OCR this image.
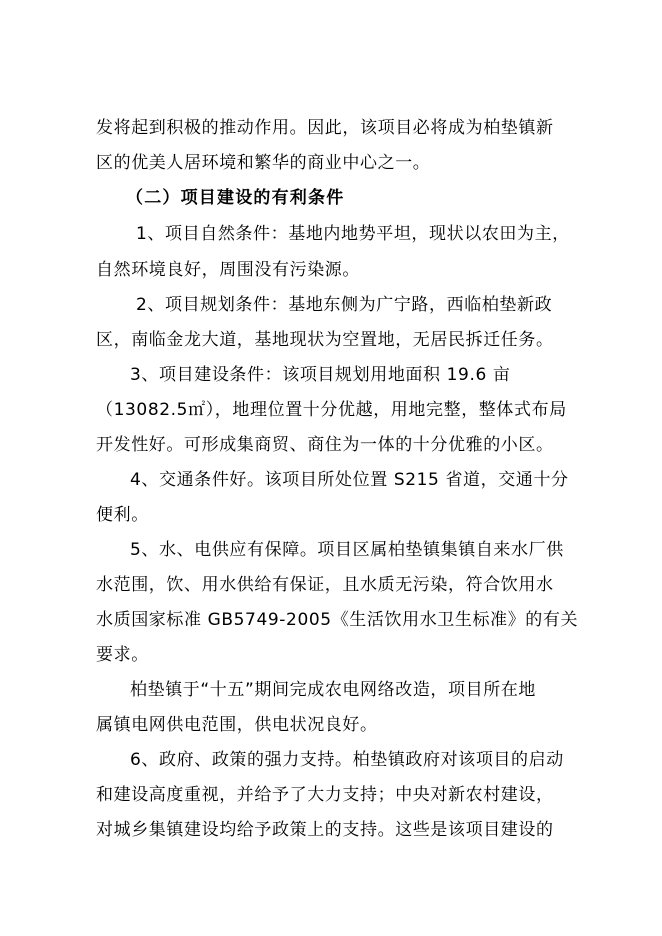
发将起到积极的推动作用。因此，该项目必将成为柏垫镇新
区的优美人居环境和繁华的商业中心之一。
（二）项目建设的有利条件
1、项目自然条件：基地内地势平坦，现状以农田为主，
自然环境良好，周围没有污染源。
2、项目规划条件：基地东侧为广宁路，西临柏垫新政
区，南临金龙大道，基地现状为空置地，无居民拆迁任务。
3、项目建设条件：该项目规划用地面积 19.6 亩
（13082.5㎡），地理位置十分优越，用地完整，整体式布局
开发性好。可形成集商贸、商住为一体的十分优雅的小区。
4、交通条件好。该项目所处位置 S215 省道，交通十分
便利。
5、水、电供应有保障。项目区属柏垫镇集镇自来水厂供
水范围，饮、用水供给有保证，且水质无污染，符合饮用水
水质国家标准 GB5749-2005《生活饮用水卫生标准》的有关
要求。
柏垫镇于“十五”期间完成农电网络改造，项目所在地
属镇电网供电范围，供电状况良好。
6、政府、政策的强力支持。柏垫镇政府对该项目的启动
和建设高度重视，并给予了大力支持；中央对新农村建设，
对城乡集镇建设均给予政策上的支持。这些是该项目建设的
